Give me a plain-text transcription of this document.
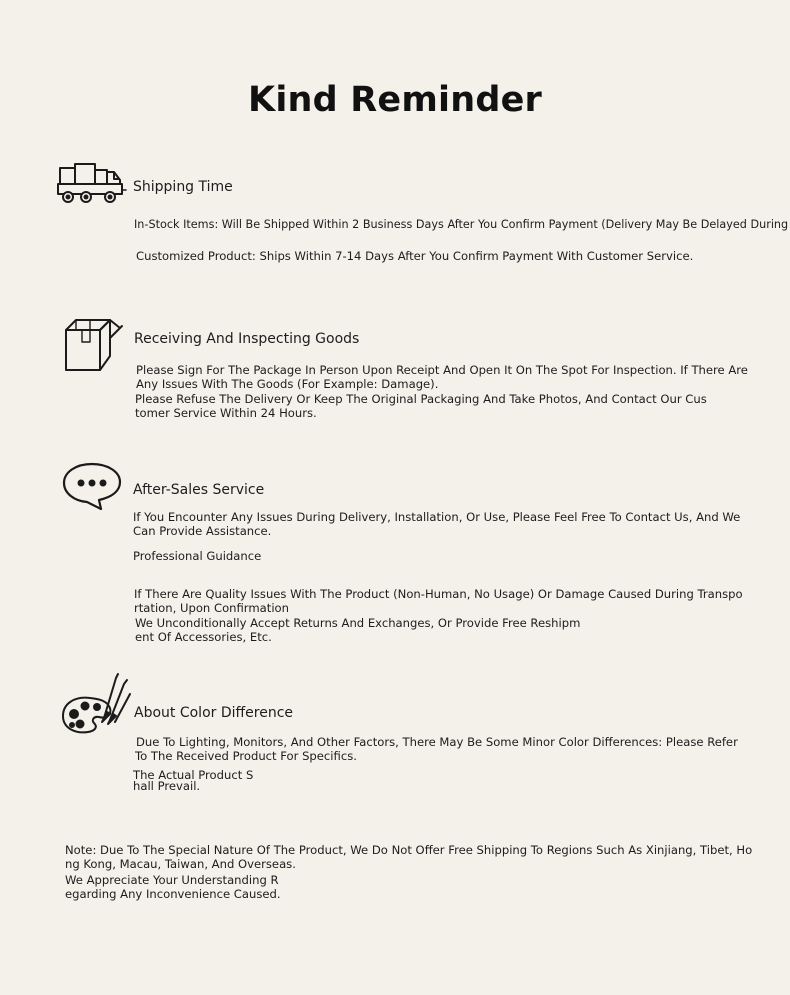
Kind Reminder
Shipping Time
In-Stock Items: Will Be Shipped Within 2 Business Days After You Confirm Payment (Delivery May Be Delayed During
Customized Product: Ships Within 7-14 Days After You Confirm Payment With Customer Service.
Receiving And Inspecting Goods
Please Sign For The Package In Person Upon Receipt And Open It On The Spot For Inspection. If There Are
Any Issues With The Goods (For Example: Damage).
Please Refuse The Delivery Or Keep The Original Packaging And Take Photos, And Contact Our Cus
tomer Service Within 24 Hours.
After-Sales Service
If You Encounter Any Issues During Delivery, Installation, Or Use, Please Feel Free To Contact Us, And We
Can Provide Assistance.
Professional Guidance
If There Are Quality Issues With The Product (Non-Human, No Usage) Or Damage Caused During Transpo
rtation, Upon Confirmation
We Unconditionally Accept Returns And Exchanges, Or Provide Free Reshipm
ent Of Accessories, Etc.
About Color Difference
Due To Lighting, Monitors, And Other Factors, There May Be Some Minor Color Differences: Please Refer
To The Received Product For Specifics.
The Actual Product S
hall Prevail.
Note: Due To The Special Nature Of The Product, We Do Not Offer Free Shipping To Regions Such As Xinjiang, Tibet, Ho
ng Kong, Macau, Taiwan, And Overseas.
We Appreciate Your Understanding R
egarding Any Inconvenience Caused.
